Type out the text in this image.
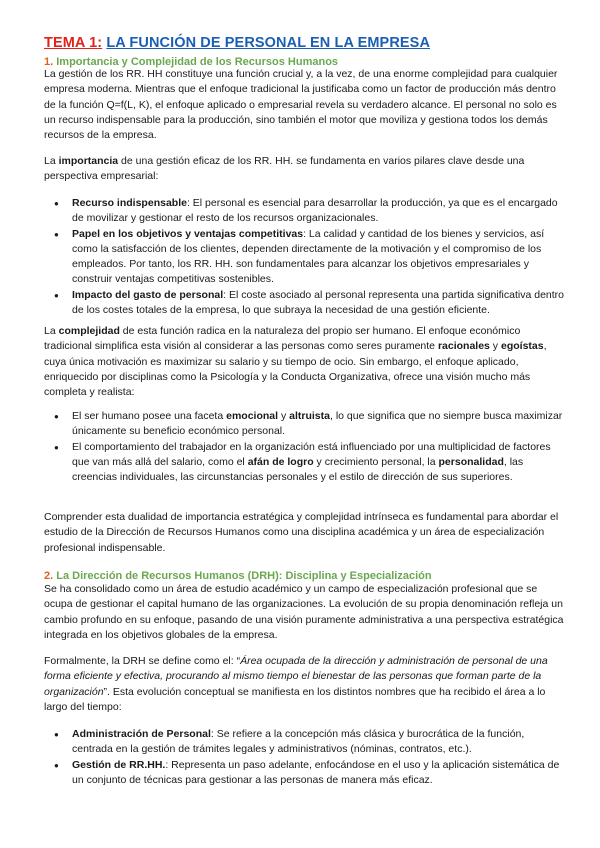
TEMA 1: LA FUNCIÓN DE PERSONAL EN LA EMPRESA
1. Importancia y Complejidad de los Recursos Humanos

La gestión de los RR. HH constituye una función crucial y, a la vez, de una enorme complejidad para cualquier empresa moderna. Mientras que el enfoque tradicional la justificaba como un factor de producción más dentro de la función Q=f(L, K), el enfoque aplicado o empresarial revela su verdadero alcance. El personal no solo es un recurso indispensable para la producción, sino también el motor que moviliza y gestiona todos los demás recursos de la empresa.

La importancia de una gestión eficaz de los RR. HH. se fundamenta en varios pilares clave desde una perspectiva empresarial:

● Recurso indispensable: El personal es esencial para desarrollar la producción, ya que es el encargado de movilizar y gestionar el resto de los recursos organizacionales.
● Papel en los objetivos y ventajas competitivas: La calidad y cantidad de los bienes y servicios, así como la satisfacción de los clientes, dependen directamente de la motivación y el compromiso de los empleados. Por tanto, los RR. HH. son fundamentales para alcanzar los objetivos empresariales y construir ventajas competitivas sostenibles.
● Impacto del gasto de personal: El coste asociado al personal representa una partida significativa dentro de los costes totales de la empresa, lo que subraya la necesidad de una gestión eficiente.

La complejidad de esta función radica en la naturaleza del propio ser humano. El enfoque económico tradicional simplifica esta visión al considerar a las personas como seres puramente racionales y egoístas, cuya única motivación es maximizar su salario y su tiempo de ocio. Sin embargo, el enfoque aplicado, enriquecido por disciplinas como la Psicología y la Conducta Organizativa, ofrece una visión mucho más completa y realista:

● El ser humano posee una faceta emocional y altruista, lo que significa que no siempre busca maximizar únicamente su beneficio económico personal.
● El comportamiento del trabajador en la organización está influenciado por una multiplicidad de factores que van más allá del salario, como el afán de logro y crecimiento personal, la personalidad, las creencias individuales, las circunstancias personales y el estilo de dirección de sus superiores.

Comprender esta dualidad de importancia estratégica y complejidad intrínseca es fundamental para abordar el estudio de la Dirección de Recursos Humanos como una disciplina académica y un área de especialización profesional indispensable.

2. La Dirección de Recursos Humanos (DRH): Disciplina y Especialización

Se ha consolidado como un área de estudio académico y un campo de especialización profesional que se ocupa de gestionar el capital humano de las organizaciones. La evolución de su propia denominación refleja un cambio profundo en su enfoque, pasando de una visión puramente administrativa a una perspectiva estratégica integrada en los objetivos globales de la empresa.

Formalmente, la DRH se define como el: “Área ocupada de la dirección y administración de personal de una forma eficiente y efectiva, procurando al mismo tiempo el bienestar de las personas que forman parte de la organización”. Esta evolución conceptual se manifiesta en los distintos nombres que ha recibido el área a lo largo del tiempo:

● Administración de Personal: Se refiere a la concepción más clásica y burocrática de la función, centrada en la gestión de trámites legales y administrativos (nóminas, contratos, etc.).
● Gestión de RR.HH.: Representa un paso adelante, enfocándose en el uso y la aplicación sistemática de un conjunto de técnicas para gestionar a las personas de manera más eficaz.
